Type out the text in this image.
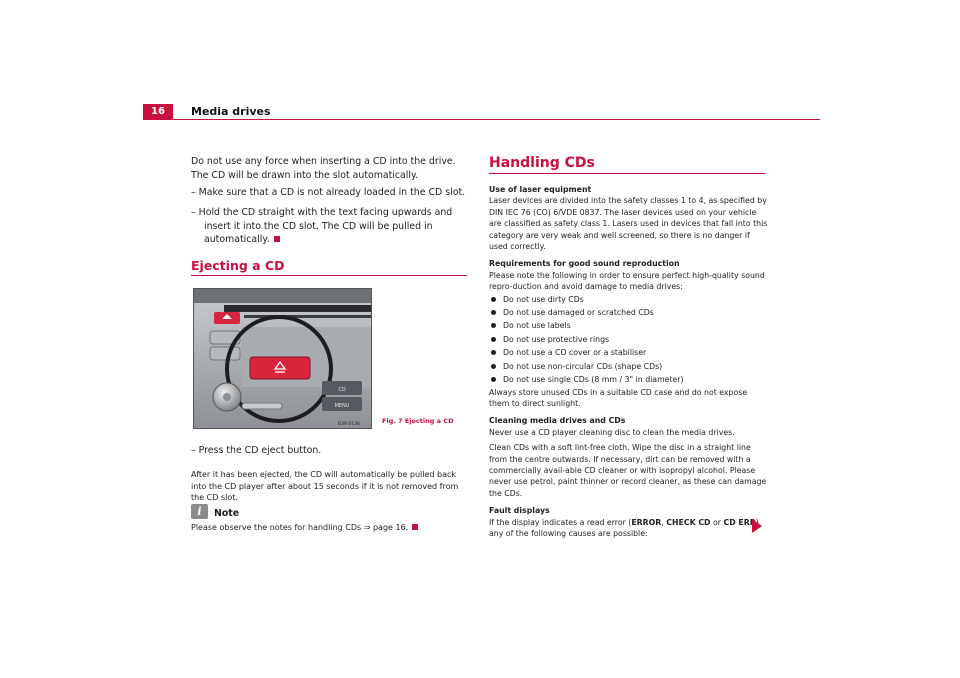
16	Media drives
Do not use any force when inserting a CD into the drive. The CD will be drawn into the slot automatically.
– Make sure that a CD is not already loaded in the CD slot.
– Hold the CD straight with the text facing upwards and insert it into the CD slot. The CD will be pulled in automatically.
Ejecting a CD
CD
MENU
B3R-0136	Fig. 7 Ejecting a CD
– Press the CD eject button.
After it has been ejected, the CD will automatically be pulled back into the CD player after about 15 seconds if it is not removed from the CD slot.
i	Note
Please observe the notes for handling CDs ⇒ page 16.
Handling CDs
Use of laser equipment
Laser devices are divided into the safety classes 1 to 4, as specified by DIN IEC 76 (CO) 6/VDE 0837. The laser devices used on your vehicle are classified as safety class 1. Lasers used in devices that fall into this category are very weak and well screened, so there is no danger if used correctly.
Requirements for good sound reproduction
Please note the following in order to ensure perfect high-quality sound repro-duction and avoid damage to media drives:
Do not use dirty CDs
Do not use damaged or scratched CDs
Do not use labels
Do not use protective rings
Do not use a CD cover or a stabiliser
Do not use non-circular CDs (shape CDs)
Do not use single CDs (8 mm / 3" in diameter)
Always store unused CDs in a suitable CD case and do not expose them to direct sunlight.
Cleaning media drives and CDs
Never use a CD player cleaning disc to clean the media drives.
Clean CDs with a soft lint-free cloth. Wipe the disc in a straight line from the centre outwards. If necessary, dirt can be removed with a commercially avail-able CD cleaner or with isopropyl alcohol. Please never use petrol, paint thinner or record cleaner, as these can damage the CDs.
Fault displays
If the display indicates a read error (ERROR, CHECK CD or CD ERR) any of the following causes are possible:
